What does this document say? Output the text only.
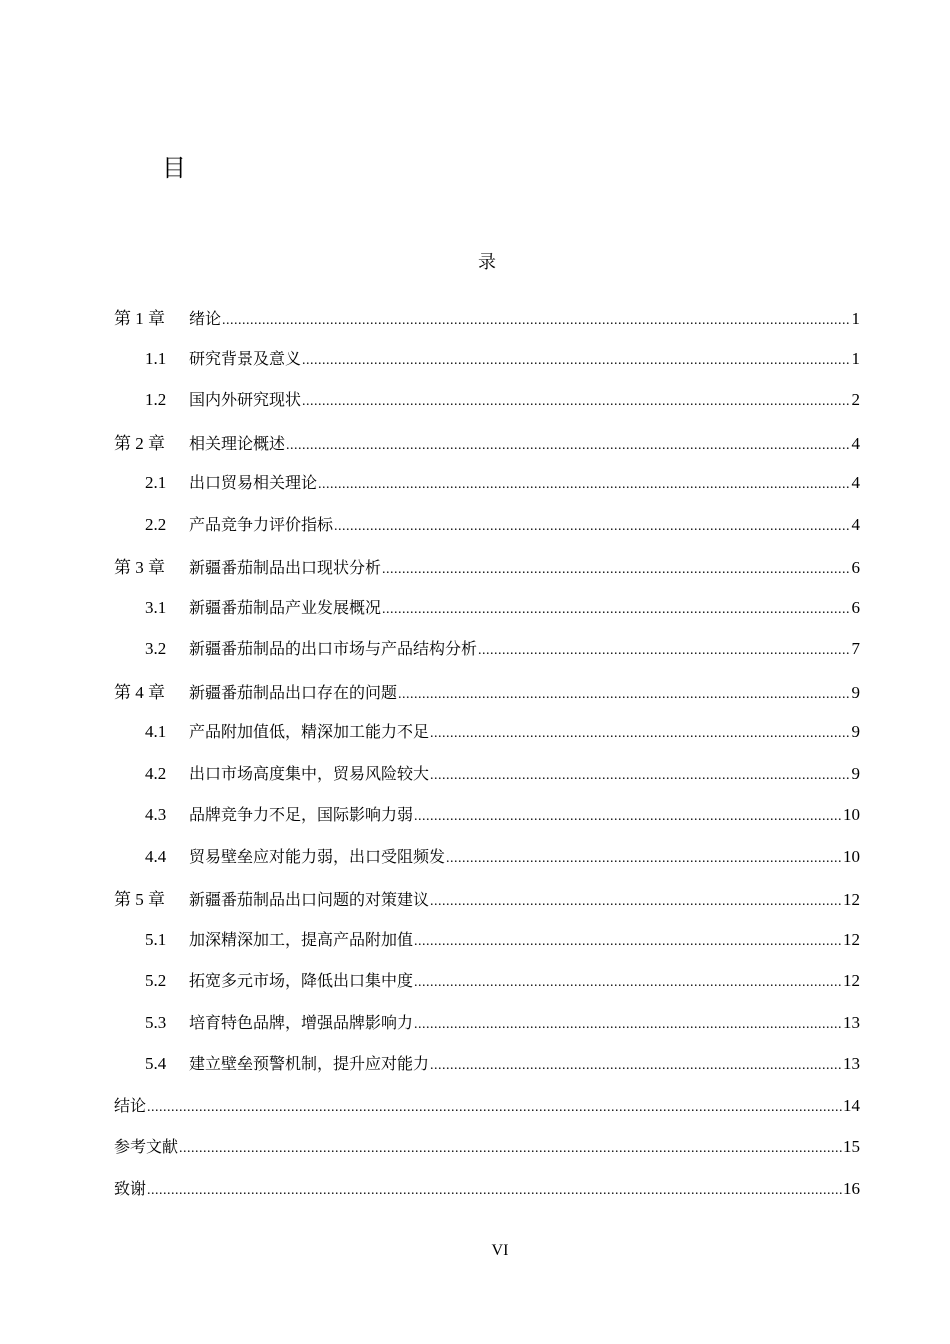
目
录
第 1 章	绪论 .....	1
1.1	研究背景及意义 .....	1
1.2	国内外研究现状 .....	2
第 2 章	相关理论概述 .....	4
2.1	出口贸易相关理论 .....	4
2.2	产品竞争力评价指标 .....	4
第 3 章	新疆番茄制品出口现状分析 .....	6
3.1	新疆番茄制品产业发展概况 .....	6
3.2	新疆番茄制品的出口市场与产品结构分析 .....	7
第 4 章	新疆番茄制品出口存在的问题 .....	9
4.1	产品附加值低，精深加工能力不足 .....	9
4.2	出口市场高度集中，贸易风险较大 .....	9
4.3	品牌竞争力不足，国际影响力弱 .....	10
4.4	贸易壁垒应对能力弱，出口受阻频发 .....	10
第 5 章	新疆番茄制品出口问题的对策建议 .....	12
5.1	加深精深加工，提高产品附加值 .....	12
5.2	拓宽多元市场，降低出口集中度 .....	12
5.3	培育特色品牌，增强品牌影响力 .....	13
5.4	建立壁垒预警机制，提升应对能力 .....	13
结论 .....	14
参考文献 .....	15
致谢 .....	16
VI
